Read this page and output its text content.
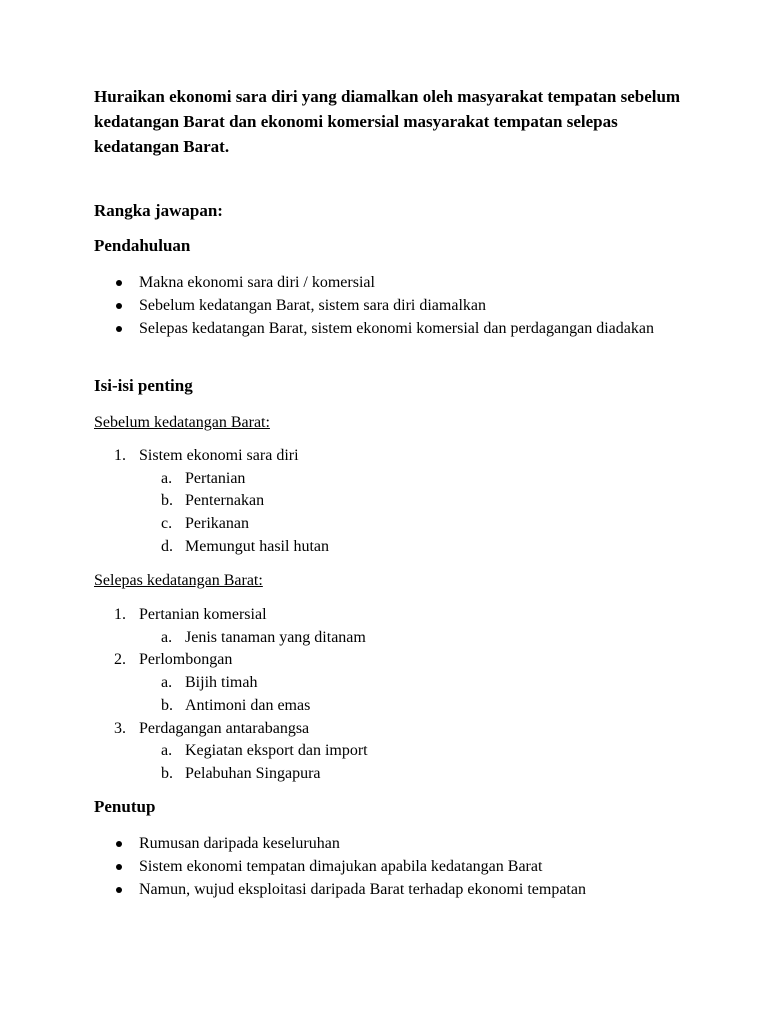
Huraikan ekonomi sara diri yang diamalkan oleh masyarakat tempatan sebelum kedatangan Barat dan ekonomi komersial masyarakat tempatan selepas kedatangan Barat.

Rangka jawapan:

Pendahuluan

Makna ekonomi sara diri / komersial
Sebelum kedatangan Barat, sistem sara diri diamalkan
Selepas kedatangan Barat, sistem ekonomi komersial dan perdagangan diadakan

Isi-isi penting

Sebelum kedatangan Barat:

1. Sistem ekonomi sara diri
a. Pertanian
b. Penternakan
c. Perikanan
d. Memungut hasil hutan

Selepas kedatangan Barat:

1. Pertanian komersial
a. Jenis tanaman yang ditanam
2. Perlombongan
a. Bijih timah
b. Antimoni dan emas
3. Perdagangan antarabangsa
a. Kegiatan eksport dan import
b. Pelabuhan Singapura

Penutup

Rumusan daripada keseluruhan
Sistem ekonomi tempatan dimajukan apabila kedatangan Barat
Namun, wujud eksploitasi daripada Barat terhadap ekonomi tempatan
